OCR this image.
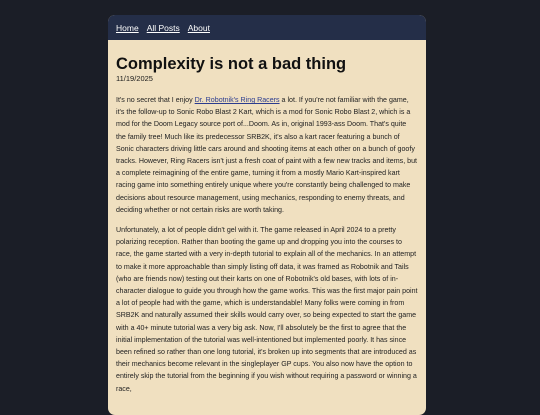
Home All Posts About
Complexity is not a bad thing
11/19/2025

It's no secret that I enjoy Dr. Robotnik's Ring Racers a lot. If you're not familiar with the game, it's the follow-up to Sonic Robo Blast 2 Kart, which is a mod for Sonic Robo Blast 2, which is a mod for the Doom Legacy source port of...Doom. As in, original 1993-ass Doom. That's quite the family tree! Much like its predecessor SRB2K, it's also a kart racer featuring a bunch of Sonic characters driving little cars around and shooting items at each other on a bunch of goofy tracks. However, Ring Racers isn't just a fresh coat of paint with a few new tracks and items, but a complete reimagining of the entire game, turning it from a mostly Mario Kart-inspired kart racing game into something entirely unique where you're constantly being challenged to make decisions about resource management, using mechanics, responding to enemy threats, and deciding whether or not certain risks are worth taking.

Unfortunately, a lot of people didn't gel with it. The game released in April 2024 to a pretty polarizing reception. Rather than booting the game up and dropping you into the courses to race, the game started with a very in-depth tutorial to explain all of the mechanics. In an attempt to make it more approachable than simply listing off data, it was framed as Robotnik and Tails (who are friends now) testing out their karts on one of Robotnik's old bases, with lots of in-character dialogue to guide you through how the game works. This was the first major pain point a lot of people had with the game, which is understandable! Many folks were coming in from SRB2K and naturally assumed their skills would carry over, so being expected to start the game with a 40+ minute tutorial was a very big ask. Now, I'll absolutely be the first to agree that the initial implementation of the tutorial was well-intentioned but implemented poorly. It has since been refined so rather than one long tutorial, it's broken up into segments that are introduced as their mechanics become relevant in the singleplayer GP cups. You also now have the option to entirely skip the tutorial from the beginning if you wish without requiring a password or winning a race,
